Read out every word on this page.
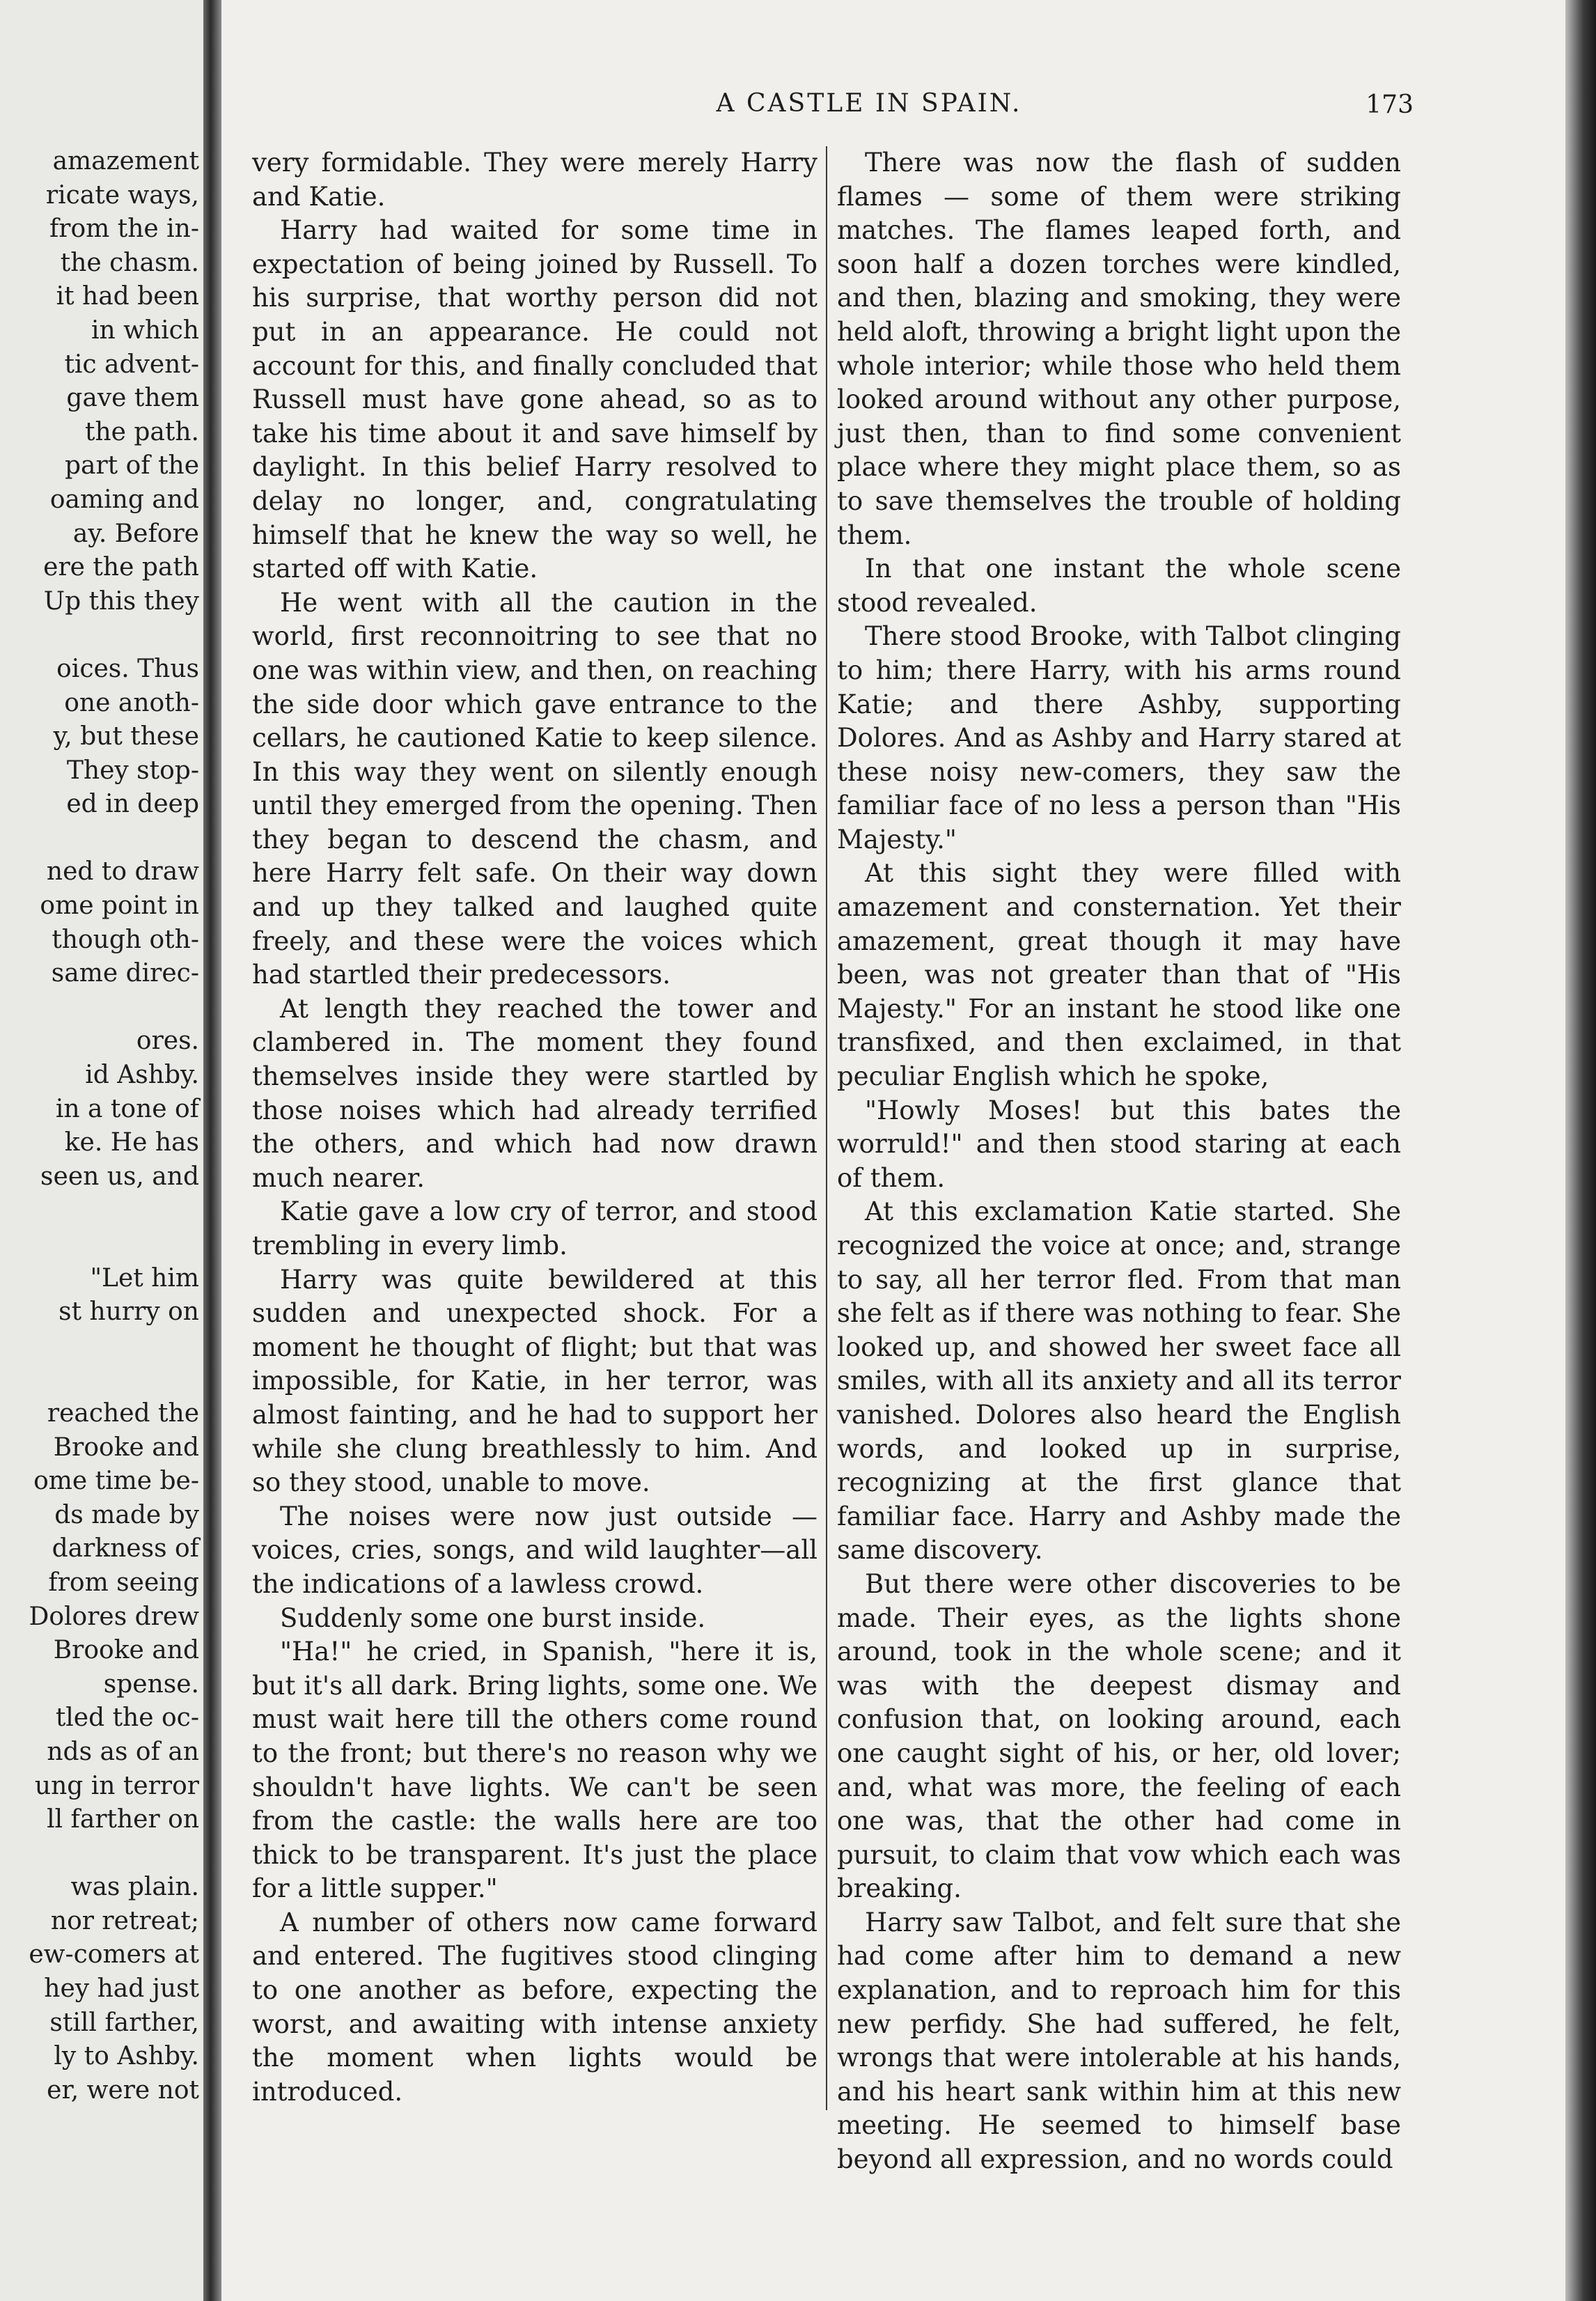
amazement
ricate ways,
from the in-
the chasm.
it had been
in which
tic advent-
gave them
the path.
part of the
oaming and
ay. Before
ere the path
Up this they
oices. Thus
one anoth-
y, but these
They stop-
ed in deep
ned to draw
ome point in
though oth-
same direc-
ores.
id Ashby.
in a tone of
ke. He has
seen us, and
"Let him
st hurry on
reached the
Brooke and
ome time be-
ds made by
darkness of
from seeing
Dolores drew
Brooke and
spense.
tled the oc-
nds as of an
ung in terror
ll farther on
was plain.
nor retreat;
ew-comers at
hey had just
still farther,
ly to Ashby.
er, were not
A CASTLE IN SPAIN.	173

very formidable. They were merely Harry and Katie.

Harry had waited for some time in expectation of being joined by Russell. To his surprise, that worthy person did not put in an appearance. He could not account for this, and finally concluded that Russell must have gone ahead, so as to take his time about it and save himself by daylight. In this belief Harry resolved to delay no longer, and, congratulating himself that he knew the way so well, he started off with Katie.

He went with all the caution in the world, first reconnoitring to see that no one was within view, and then, on reaching the side door which gave entrance to the cellars, he cautioned Katie to keep silence. In this way they went on silently enough until they emerged from the opening. Then they began to descend the chasm, and here Harry felt safe. On their way down and up they talked and laughed quite freely, and these were the voices which had startled their predecessors.

At length they reached the tower and clambered in. The moment they found themselves inside they were startled by those noises which had already terrified the others, and which had now drawn much nearer.

Katie gave a low cry of terror, and stood trembling in every limb.

Harry was quite bewildered at this sudden and unexpected shock. For a moment he thought of flight; but that was impossible, for Katie, in her terror, was almost fainting, and he had to support her while she clung breathlessly to him. And so they stood, unable to move.

The noises were now just outside — voices, cries, songs, and wild laughter—all the indications of a lawless crowd.

Suddenly some one burst inside.

"Ha!" he cried, in Spanish, "here it is, but it's all dark. Bring lights, some one. We must wait here till the others come round to the front; but there's no reason why we shouldn't have lights. We can't be seen from the castle: the walls here are too thick to be transparent. It's just the place for a little supper."

A number of others now came forward and entered. The fugitives stood clinging to one another as before, expecting the worst, and awaiting with intense anxiety the moment when lights would be introduced.

There was now the flash of sudden flames — some of them were striking matches. The flames leaped forth, and soon half a dozen torches were kindled, and then, blazing and smoking, they were held aloft, throwing a bright light upon the whole interior; while those who held them looked around without any other purpose, just then, than to find some convenient place where they might place them, so as to save themselves the trouble of holding them.

In that one instant the whole scene stood revealed.

There stood Brooke, with Talbot clinging to him; there Harry, with his arms round Katie; and there Ashby, supporting Dolores. And as Ashby and Harry stared at these noisy new-comers, they saw the familiar face of no less a person than "His Majesty."

At this sight they were filled with amazement and consternation. Yet their amazement, great though it may have been, was not greater than that of "His Majesty." For an instant he stood like one transfixed, and then exclaimed, in that peculiar English which he spoke,

"Howly Moses! but this bates the worruld!" and then stood staring at each of them.

At this exclamation Katie started. She recognized the voice at once; and, strange to say, all her terror fled. From that man she felt as if there was nothing to fear. She looked up, and showed her sweet face all smiles, with all its anxiety and all its terror vanished. Dolores also heard the English words, and looked up in surprise, recognizing at the first glance that familiar face. Harry and Ashby made the same discovery.

But there were other discoveries to be made. Their eyes, as the lights shone around, took in the whole scene; and it was with the deepest dismay and confusion that, on looking around, each one caught sight of his, or her, old lover; and, what was more, the feeling of each one was, that the other had come in pursuit, to claim that vow which each was breaking.

Harry saw Talbot, and felt sure that she had come after him to demand a new explanation, and to reproach him for this new perfidy. She had suffered, he felt, wrongs that were intolerable at his hands, and his heart sank within him at this new meeting. He seemed to himself base beyond all expression, and no words could
